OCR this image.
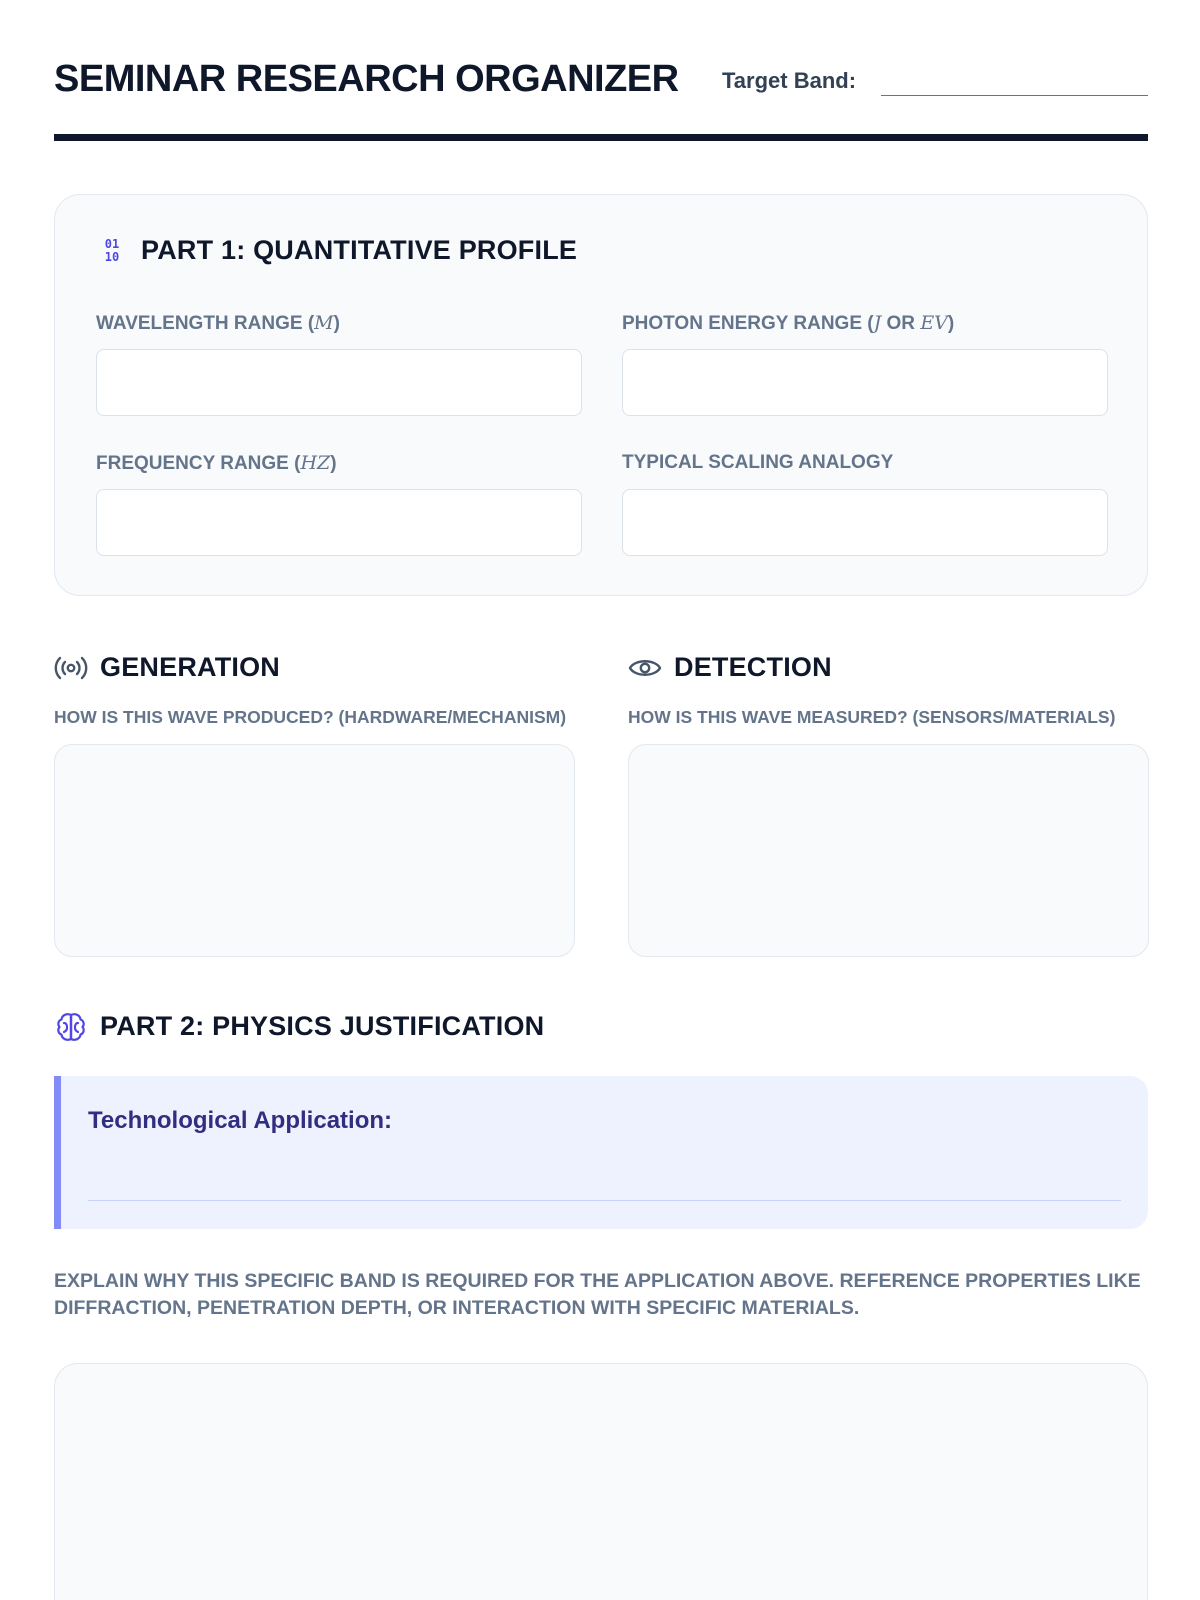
SEMINAR RESEARCH ORGANIZER Target Band:
01
10 PART 1: QUANTITATIVE PROFILE
WAVELENGTH RANGE (M)	PHOTON ENERGY RANGE (J OR EV)
FREQUENCY RANGE (HZ)	TYPICAL SCALING ANALOGY
GENERATION
HOW IS THIS WAVE PRODUCED? (HARDWARE/MECHANISM)
DETECTION
HOW IS THIS WAVE MEASURED? (SENSORS/MATERIALS)
PART 2: PHYSICS JUSTIFICATION
Technological Application:
EXPLAIN WHY THIS SPECIFIC BAND IS REQUIRED FOR THE APPLICATION ABOVE. REFERENCE PROPERTIES LIKE DIFFRACTION, PENETRATION DEPTH, OR INTERACTION WITH SPECIFIC MATERIALS.
